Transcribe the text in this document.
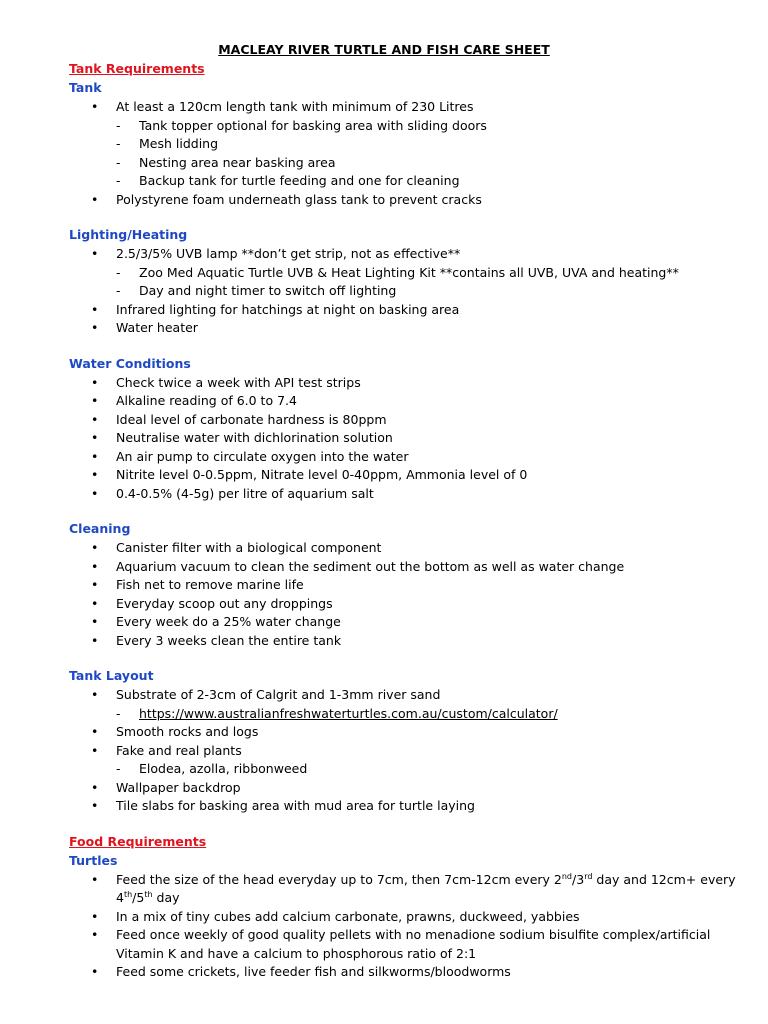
MACLEAY RIVER TURTLE AND FISH CARE SHEET
Tank Requirements
Tank
•	At least a 120cm length tank with minimum of 230 Litres
-	Tank topper optional for basking area with sliding doors
-	Mesh lidding
-	Nesting area near basking area
-	Backup tank for turtle feeding and one for cleaning
•	Polystyrene foam underneath glass tank to prevent cracks
Lighting/Heating
•	2.5/3/5% UVB lamp **don’t get strip, not as effective**
-	Zoo Med Aquatic Turtle UVB & Heat Lighting Kit **contains all UVB, UVA and heating**
-	Day and night timer to switch off lighting
•	Infrared lighting for hatchings at night on basking area
•	Water heater
Water Conditions
•	Check twice a week with API test strips
•	Alkaline reading of 6.0 to 7.4
•	Ideal level of carbonate hardness is 80ppm
•	Neutralise water with dichlorination solution
•	An air pump to circulate oxygen into the water
•	Nitrite level 0-0.5ppm, Nitrate level 0-40ppm, Ammonia level of 0
•	0.4-0.5% (4-5g) per litre of aquarium salt
Cleaning
•	Canister filter with a biological component
•	Aquarium vacuum to clean the sediment out the bottom as well as water change
•	Fish net to remove marine life
•	Everyday scoop out any droppings
•	Every week do a 25% water change
•	Every 3 weeks clean the entire tank
Tank Layout
•	Substrate of 2-3cm of Calgrit and 1-3mm river sand
-	https://www.australianfreshwaterturtles.com.au/custom/calculator/
•	Smooth rocks and logs
•	Fake and real plants
-	Elodea, azolla, ribbonweed
•	Wallpaper backdrop
•	Tile slabs for basking area with mud area for turtle laying
Food Requirements
Turtles
•	Feed the size of the head everyday up to 7cm, then 7cm-12cm every 2nd/3rd day and 12cm+ every 4th/5th day
•	In a mix of tiny cubes add calcium carbonate, prawns, duckweed, yabbies
•	Feed once weekly of good quality pellets with no menadione sodium bisulfite complex/artificial Vitamin K and have a calcium to phosphorous ratio of 2:1
•	Feed some crickets, live feeder fish and silkworms/bloodworms
